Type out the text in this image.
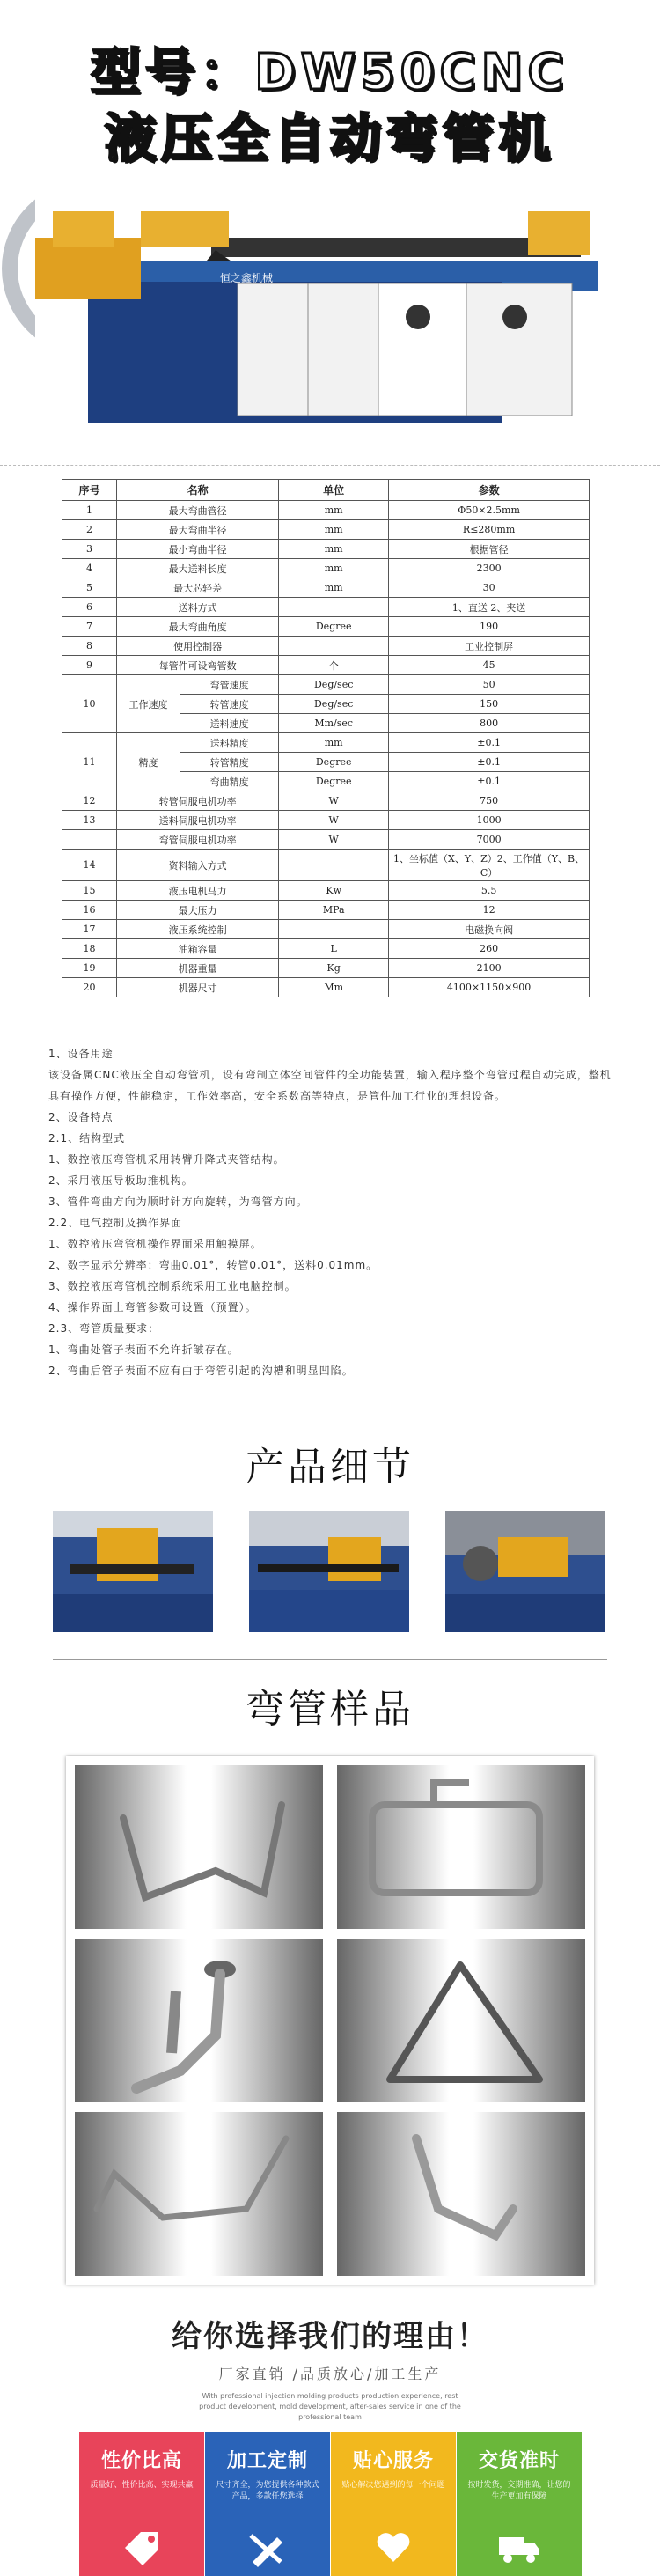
型号：DW50CNC
液压全自动弯管机
恒之鑫机械
序号	名称		单位	参数
1	最大弯曲管径		mm	Φ50×2.5mm
2	最大弯曲半径		mm	R≤280mm
3	最小弯曲半径		mm	根据管径
4	最大送料长度		mm	2300
5	最大芯轻差		mm	30
6	送料方式			1、直送 2、夹送
7	最大弯曲角度		Degree	190
8	使用控制器			工业控制屏
9	每管件可设弯管数		个	45
10	工作速度	弯管速度	Deg/sec	50
		转管速度	Deg/sec	150
		送料速度	Mm/sec	800
11	精度	送料精度	mm	±0.1
		转管精度	Degree	±0.1
		弯曲精度	Degree	±0.1
12	转管伺服电机功率		W	750
13	送料伺服电机功率		W	1000
	弯管伺服电机功率		W	7000
14	资料输入方式			1、坐标值（X、Y、Z）2、工作值（Y、B、C）
15	液压电机马力		Kw	5.5
16	最大压力		MPa	12
17	液压系统控制			电磁换向阀
18	油箱容量		L	260
19	机器重量		Kg	2100
20	机器尺寸		Mm	4100×1150×900

1、设备用途

该设备属CNC液压全自动弯管机，设有弯制立体空间管件的全功能装置，输入程序整个弯管过程自动完成，整机具有操作方便，性能稳定，工作效率高，安全系数高等特点，是管件加工行业的理想设备。

2、设备特点

2.1、结构型式

1、数控液压弯管机采用转臂升降式夹管结构。

2、采用液压导板助推机构。

3、管件弯曲方向为顺时针方向旋转，为弯管方向。

2.2、电气控制及操作界面

1、数控液压弯管机操作界面采用触摸屏。

2、数字显示分辨率：弯曲0.01°，转管0.01°，送料0.01mm。

3、数控液压弯管机控制系统采用工业电脑控制。

4、操作界面上弯管参数可设置（预置）。

2.3、弯管质量要求：

1、弯曲处管子表面不允许折皱存在。

2、弯曲后管子表面不应有由于弯管引起的沟槽和明显凹陷。

产品细节
弯管样品
给你选择我们的理由！
厂家直销 /品质放心/加工生产
With professional injection molding products production experience, rest product development, mold development, after-sales service in one of the professional team
性价比高
质量好、性价比高、实现共赢
加工定制
尺寸齐全，为您提供各种款式产品，多款任您选择
贴心服务
贴心解决您遇到的每一个问题
交货准时
按时发货，交期准确，让您的生产更加有保障
